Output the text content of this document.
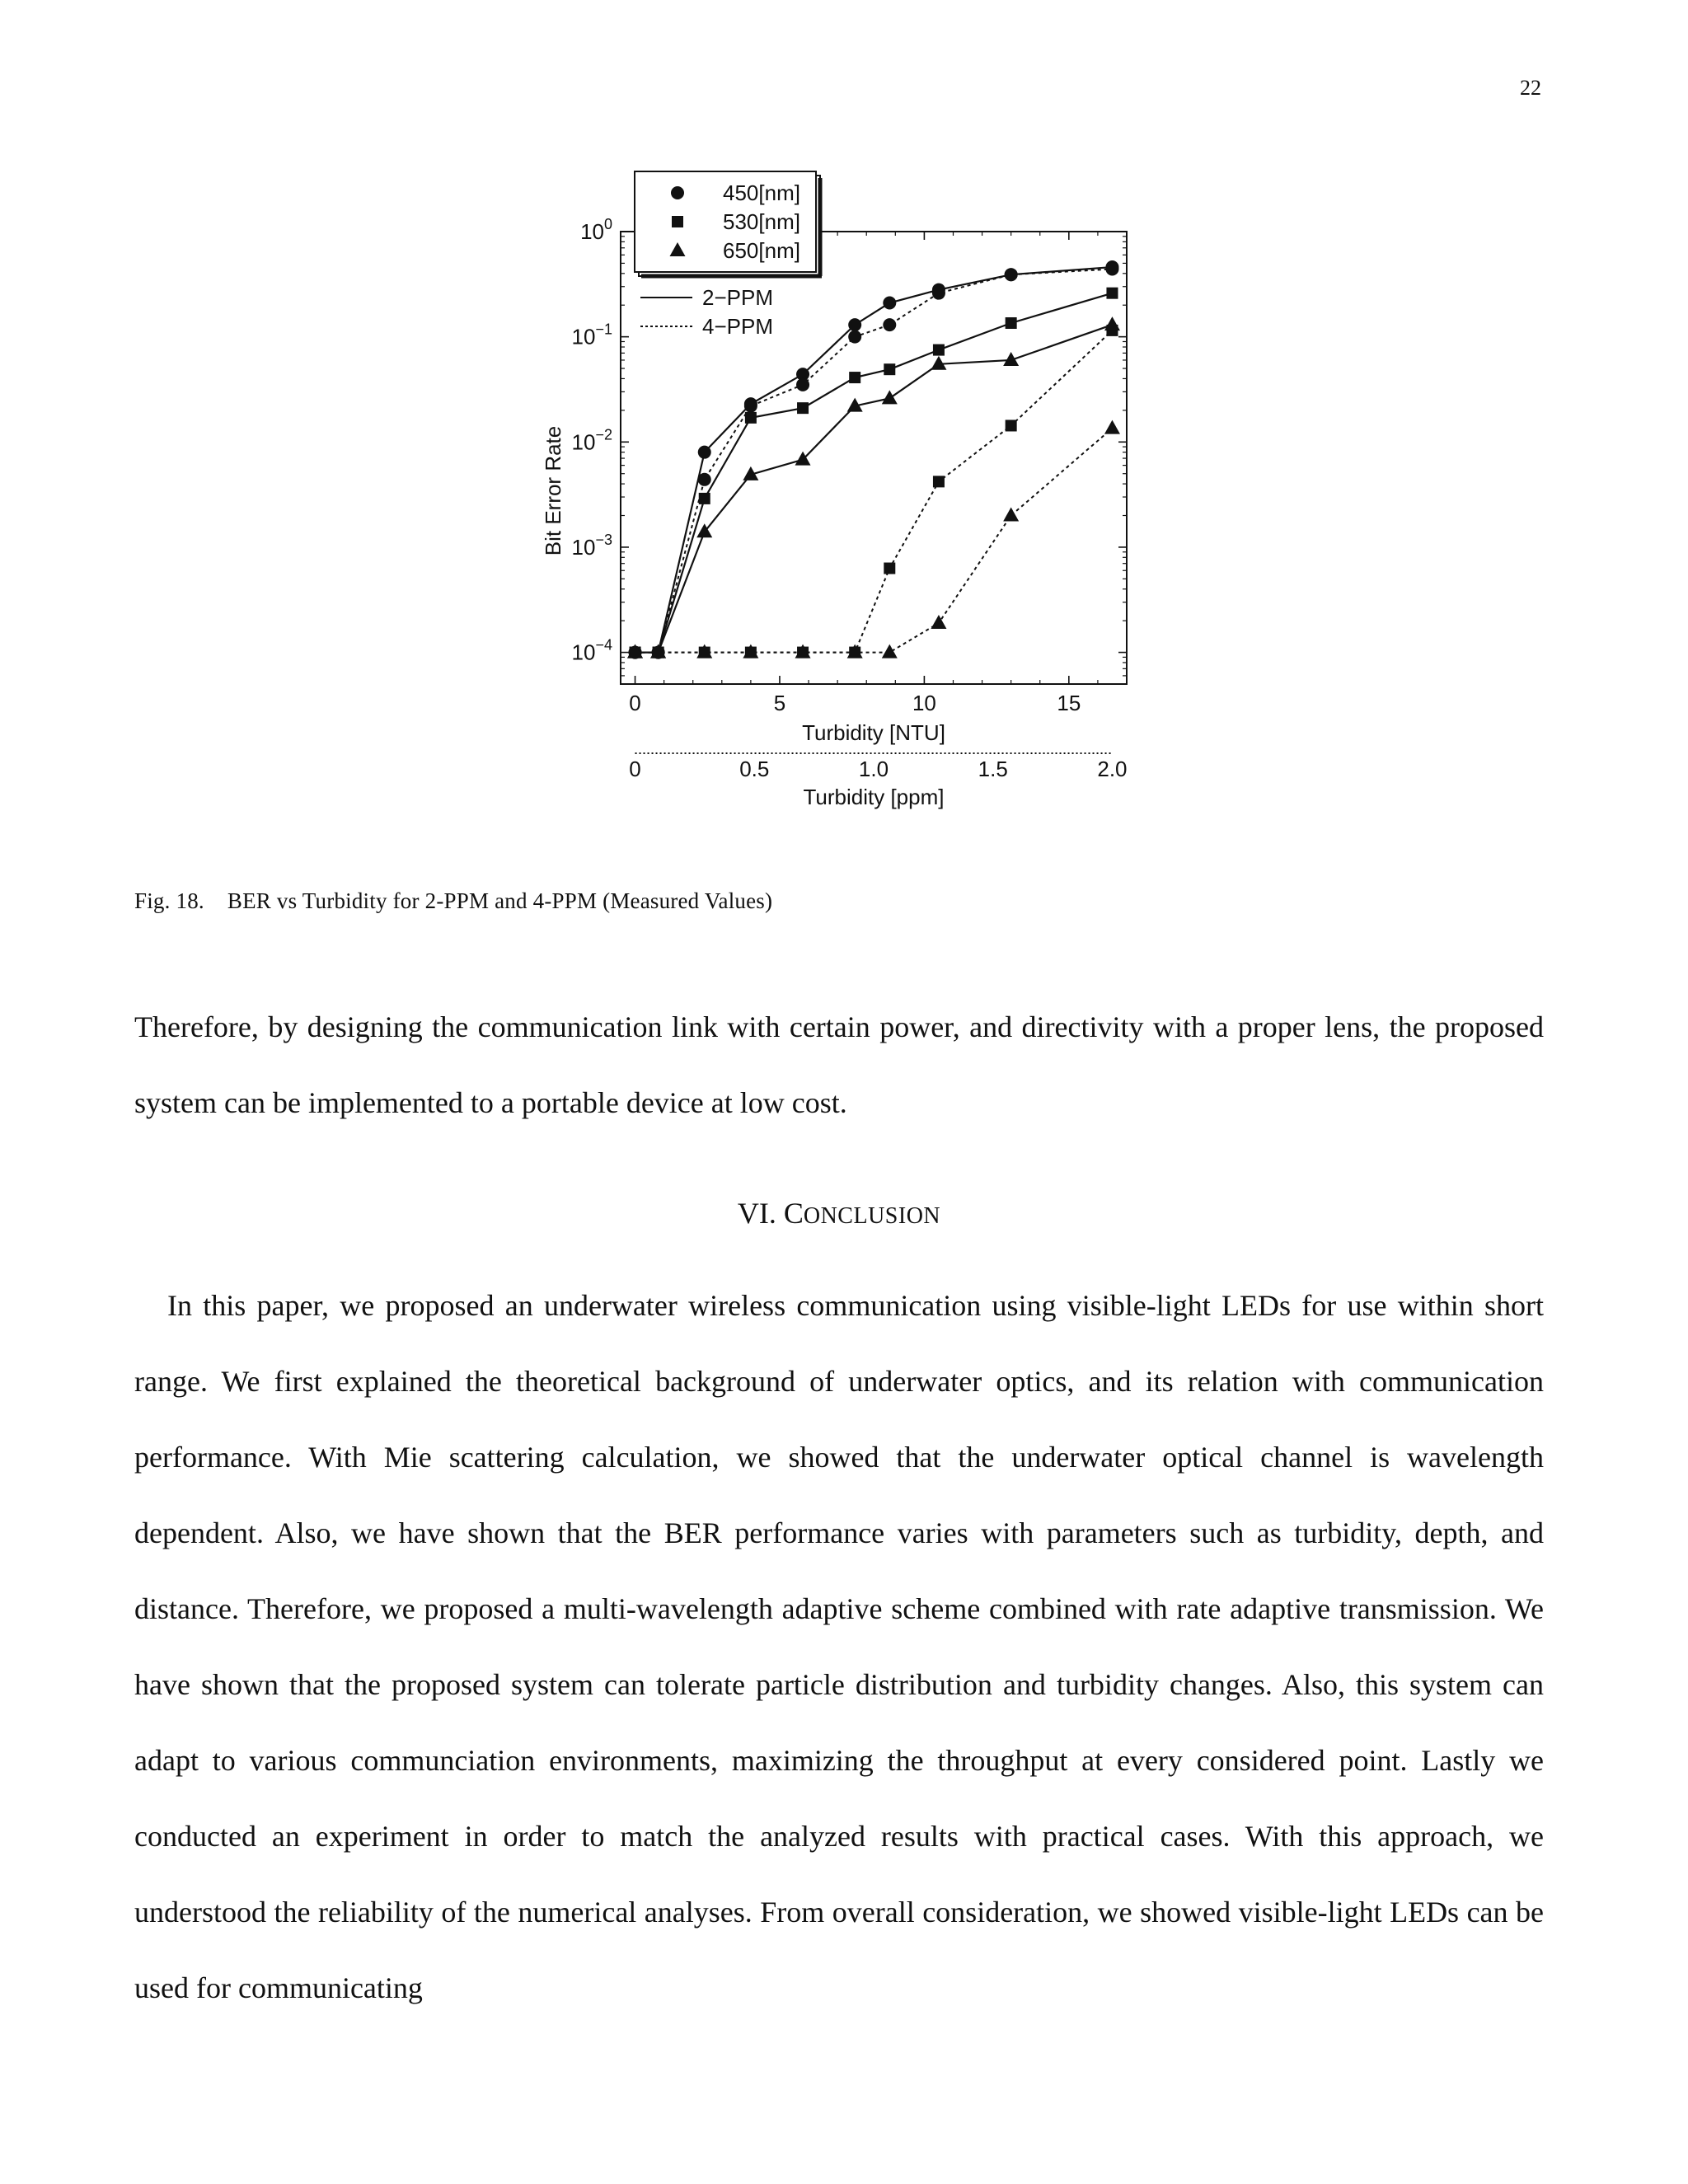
22
$10^0$
$10^{-1}$
$10^{-2}$
$10^{-3}$
$10^{-4}$
0	5	10	15
Turbidity [NTU]
0	0.5	1.0	1.5	2.0
Turbidity [ppm]
Bit Error Rate
450[nm]
530[nm]
650[nm]
2−PPM
4−PPM
Fig. 18. BER vs Turbidity for 2-PPM and 4-PPM (Measured Values)

Therefore, by designing the communication link with certain power, and directivity with a proper lens, the proposed system can be implemented to a portable device at low cost.

VI. CONCLUSION

In this paper, we proposed an underwater wireless communication using visible-light LEDs for use within short range. We first explained the theoretical background of underwater optics, and its relation with communication performance. With Mie scattering calculation, we showed that the underwater optical channel is wavelength dependent. Also, we have shown that the BER performance varies with parameters such as turbidity, depth, and distance. Therefore, we proposed a multi-wavelength adaptive scheme combined with rate adaptive transmission. We have shown that the proposed system can tolerate particle distribution and turbidity changes. Also, this system can adapt to various communciation environments, maximizing the throughput at every considered point. Lastly we conducted an experiment in order to match the analyzed results with practical cases. With this approach, we understood the reliability of the numerical analyses. From overall consideration, we showed visible-light LEDs can be used for communicating
